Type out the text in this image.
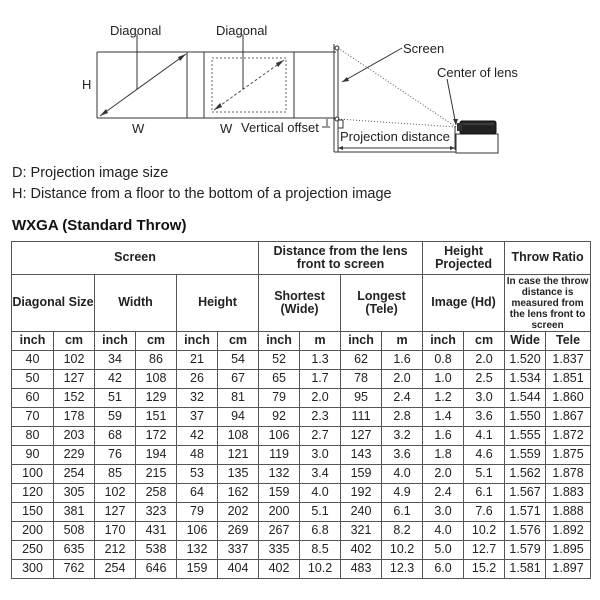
Diagonal	Diagonal
H
W	W Vertical offset
Screen
Center of lens
Projection distance
D: Projection image size
H: Distance from a floor to the bottom of a projection image
WXGA (Standard Throw)
Screen						Distance from the lens front to screen				Height Projected		Throw Ratio	
Diagonal Size		Width		Height		Shortest (Wide)		Longest (Tele)		Image (Hd)		In case the throw distance is measured from the lens front to screen	
inch	cm	inch	cm	inch	cm	inch	m	inch	m	inch	cm	Wide	Tele
40	102	34	86	21	54	52	1.3	62	1.6	0.8	2.0	1.520	1.837
50	127	42	108	26	67	65	1.7	78	2.0	1.0	2.5	1.534	1.851
60	152	51	129	32	81	79	2.0	95	2.4	1.2	3.0	1.544	1.860
70	178	59	151	37	94	92	2.3	111	2.8	1.4	3.6	1.550	1.867
80	203	68	172	42	108	106	2.7	127	3.2	1.6	4.1	1.555	1.872
90	229	76	194	48	121	119	3.0	143	3.6	1.8	4.6	1.559	1.875
100	254	85	215	53	135	132	3.4	159	4.0	2.0	5.1	1.562	1.878
120	305	102	258	64	162	159	4.0	192	4.9	2.4	6.1	1.567	1.883
150	381	127	323	79	202	200	5.1	240	6.1	3.0	7.6	1.571	1.888
200	508	170	431	106	269	267	6.8	321	8.2	4.0	10.2	1.576	1.892
250	635	212	538	132	337	335	8.5	402	10.2	5.0	12.7	1.579	1.895
300	762	254	646	159	404	402	10.2	483	12.3	6.0	15.2	1.581	1.897
